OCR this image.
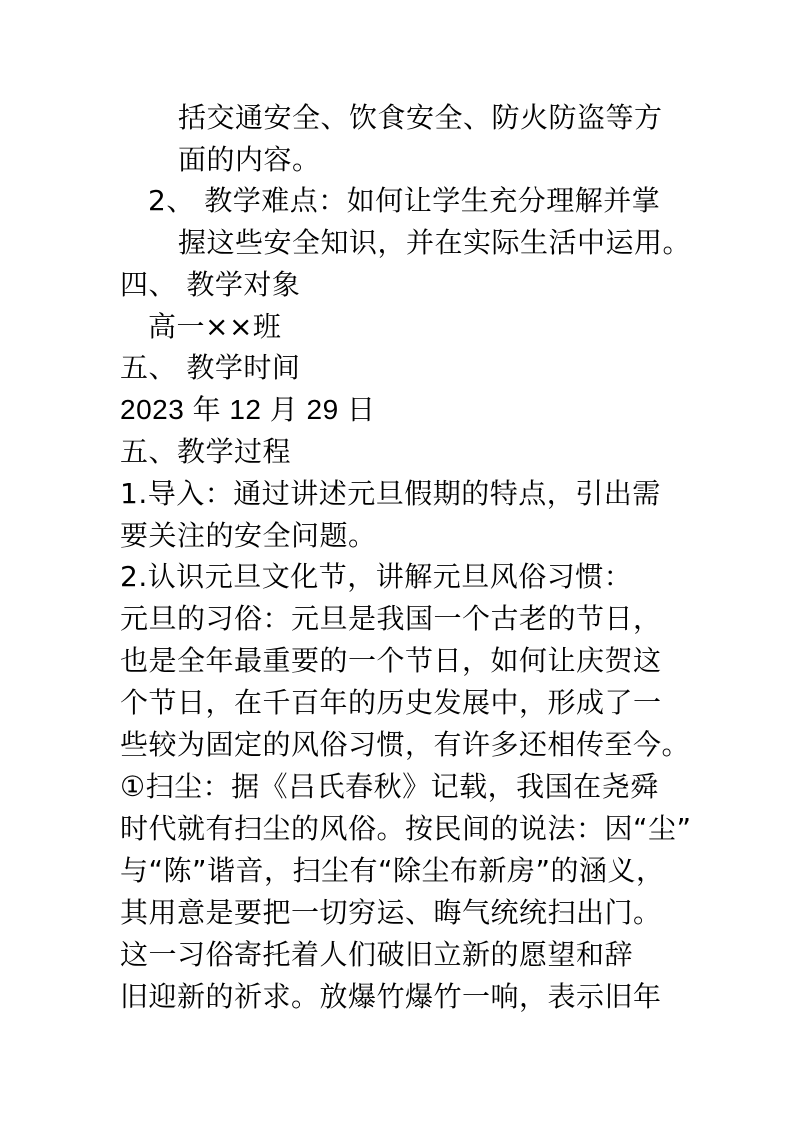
括交通安全、饮食安全、防火防盗等方
面的内容。
2、 教学难点：如何让学生充分理解并掌
握这些安全知识，并在实际生活中运用。
四、 教学对象
高一××班
五、 教学时间
2023 年 12 月 29 日
五、教学过程
1.导入：通过讲述元旦假期的特点，引出需
要关注的安全问题。
2.认识元旦文化节，讲解元旦风俗习惯：
元旦的习俗：元旦是我国一个古老的节日，
也是全年最重要的一个节日，如何让庆贺这
个节日，在千百年的历史发展中，形成了一
些较为固定的风俗习惯，有许多还相传至今。
①扫尘：据《吕氏春秋》记载，我国在尧舜
时代就有扫尘的风俗。按民间的说法：因“尘”
与“陈”谐音，扫尘有“除尘布新房”的涵义，
其用意是要把一切穷运、晦气统统扫出门。
这一习俗寄托着人们破旧立新的愿望和辞
旧迎新的祈求。放爆竹爆竹一响，表示旧年
